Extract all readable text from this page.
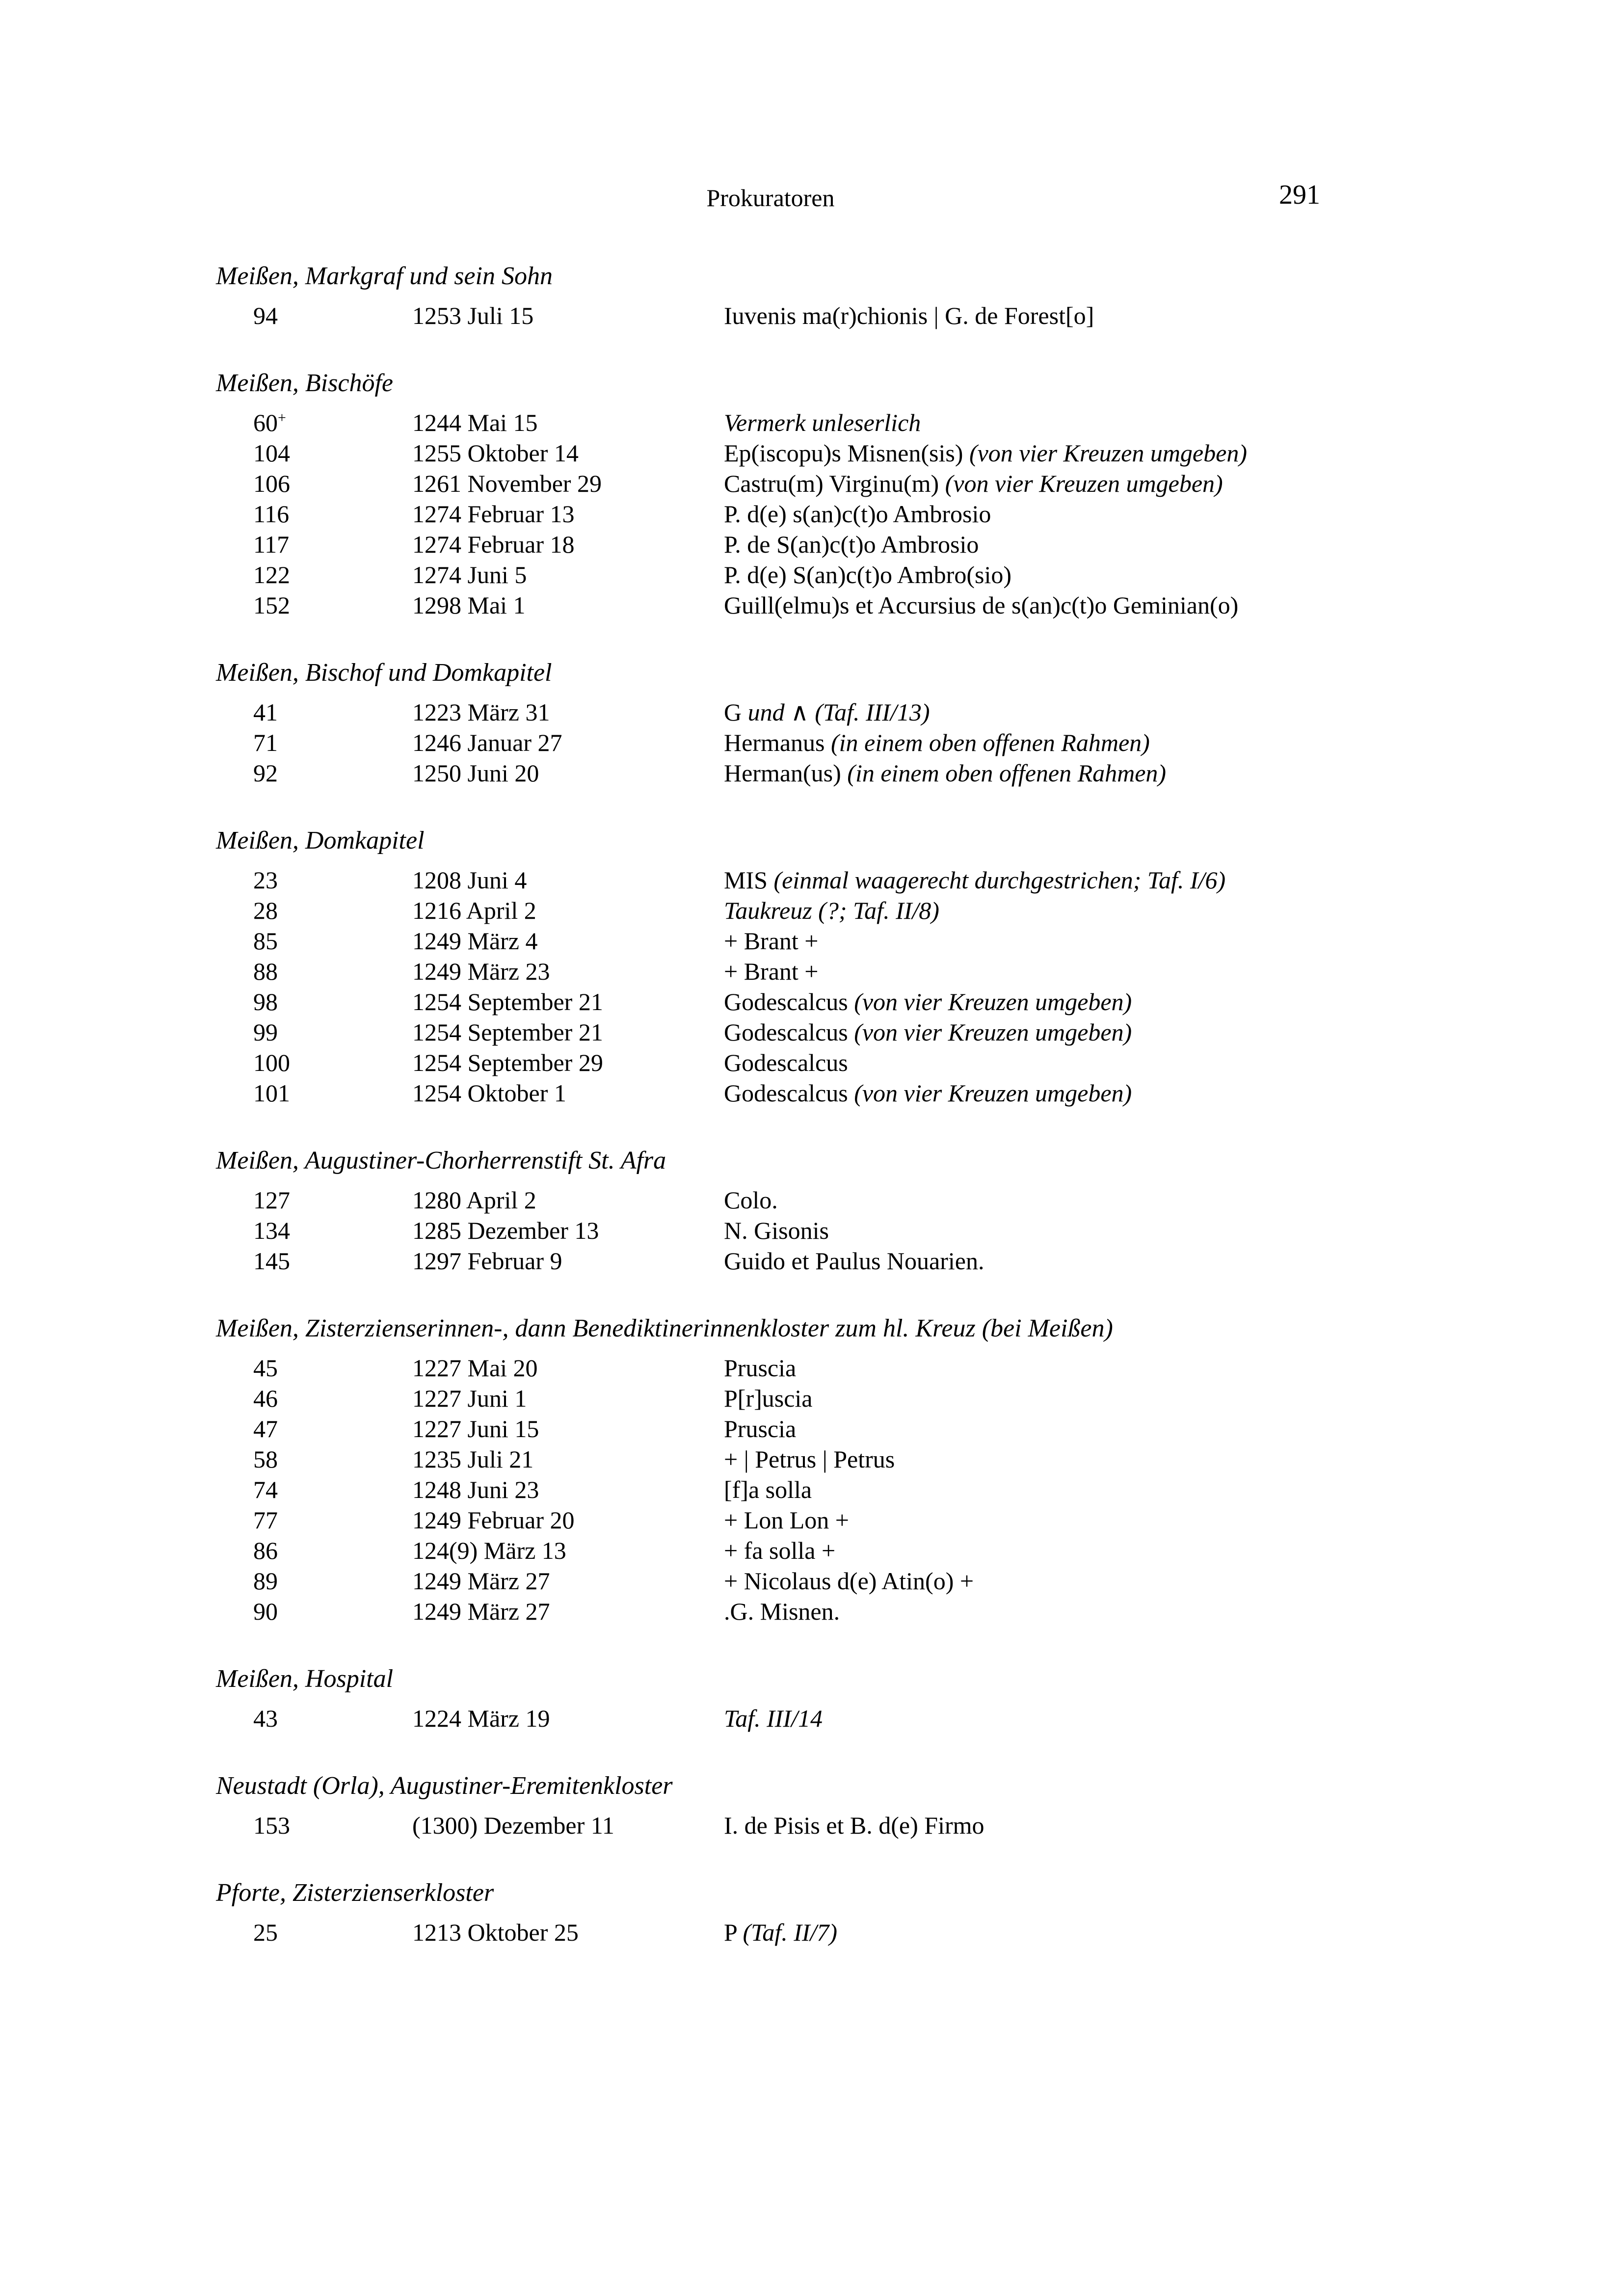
Prokuratoren	291
Meißen, Markgraf und sein Sohn
94	1253 Juli 15	Iuvenis ma(r)chionis | G. de Forest[o]
Meißen, Bischöfe
60+	1244 Mai 15	Vermerk unleserlich
104	1255 Oktober 14	Ep(iscopu)s Misnen(sis) (von vier Kreuzen umgeben)
106	1261 November 29	Castru(m) Virginu(m) (von vier Kreuzen umgeben)
116	1274 Februar 13	P. d(e) s(an)c(t)o Ambrosio
117	1274 Februar 18	P. de S(an)c(t)o Ambrosio
122	1274 Juni 5	P. d(e) S(an)c(t)o Ambro(sio)
152	1298 Mai 1	Guill(elmu)s et Accursius de s(an)c(t)o Geminian(o)
Meißen, Bischof und Domkapitel
41	1223 März 31	G und ∧ (Taf. III/13)
71	1246 Januar 27	Hermanus (in einem oben offenen Rahmen)
92	1250 Juni 20	Herman(us) (in einem oben offenen Rahmen)
Meißen, Domkapitel
23	1208 Juni 4	MIS (einmal waagerecht durchgestrichen; Taf. I/6)
28	1216 April 2	Taukreuz (?; Taf. II/8)
85	1249 März 4	+ Brant +
88	1249 März 23	+ Brant +
98	1254 September 21	Godescalcus (von vier Kreuzen umgeben)
99	1254 September 21	Godescalcus (von vier Kreuzen umgeben)
100	1254 September 29	Godescalcus
101	1254 Oktober 1	Godescalcus (von vier Kreuzen umgeben)
Meißen, Augustiner-Chorherrenstift St. Afra
127	1280 April 2	Colo.
134	1285 Dezember 13	N. Gisonis
145	1297 Februar 9	Guido et Paulus Nouarien.
Meißen, Zisterzienserinnen-, dann Benediktinerinnenkloster zum hl. Kreuz (bei Meißen)
45	1227 Mai 20	Pruscia
46	1227 Juni 1	P[r]uscia
47	1227 Juni 15	Pruscia
58	1235 Juli 21	+ | Petrus | Petrus
74	1248 Juni 23	[f]a solla
77	1249 Februar 20	+ Lon Lon +
86	124(9) März 13	+ fa solla +
89	1249 März 27	+ Nicolaus d(e) Atin(o) +
90	1249 März 27	.G. Misnen.
Meißen, Hospital
43	1224 März 19	Taf. III/14
Neustadt (Orla), Augustiner-Eremitenkloster
153	(1300) Dezember 11	I. de Pisis et B. d(e) Firmo
Pforte, Zisterzienserkloster
25	1213 Oktober 25	P (Taf. II/7)
